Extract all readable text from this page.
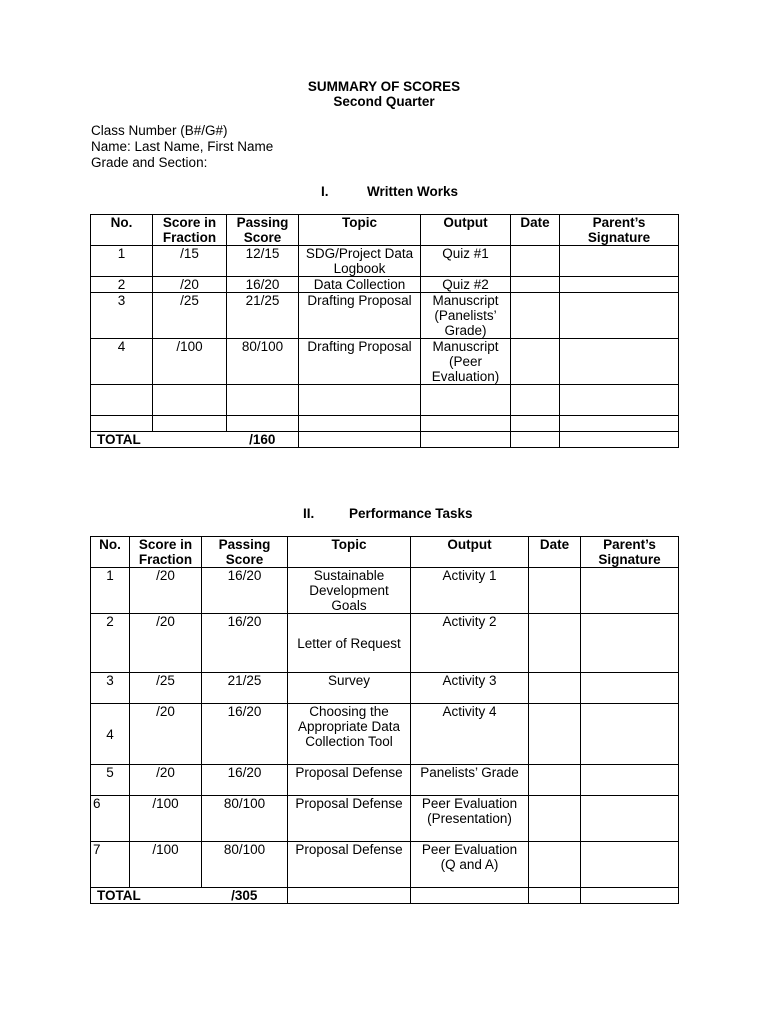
SUMMARY OF SCORES
Second Quarter
Class Number (B#/G#)
Name: Last Name, First Name
Grade and Section:
I.	Written Works
No.	Score in Fraction	Passing Score	Topic	Output	Date	Parent’s Signature
1	/15	12/15	SDG/Project Data Logbook	Quiz #1		
2	/20	16/20	Data Collection	Quiz #2		
3	/25	21/25	Drafting Proposal	Manuscript (Panelists’ Grade)		
4	/100	80/100	Drafting Proposal	Manuscript (Peer Evaluation)		

TOTAL		/160				
II.	Performance Tasks
No.	Score in Fraction	Passing Score	Topic	Output	Date	Parent’s Signature
1	/20	16/20	Sustainable Development Goals	Activity 1		
2	/20	16/20	Letter of Request	Activity 2		
3	/25	21/25	Survey	Activity 3		
4	/20	16/20	Choosing the Appropriate Data Collection Tool	Activity 4		
5	/20	16/20	Proposal Defense	Panelists’ Grade		
6	/100	80/100	Proposal Defense	Peer Evaluation (Presentation)		
7	/100	80/100	Proposal Defense	Peer Evaluation (Q and A)		
TOTAL		/305				
